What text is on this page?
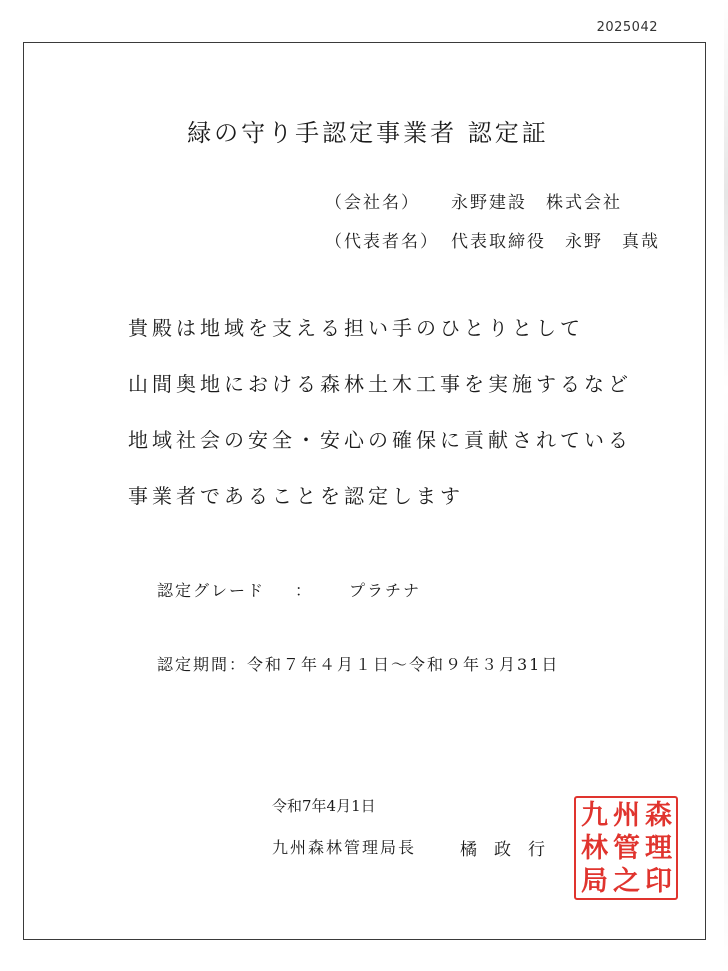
2025042
緑の守り手認定事業者 認定証
（会社名） 永野建設　株式会社
（代表者名） 代表取締役　永野　真哉
貴殿は地域を支える担い手のひとりとして
山間奥地における森林土木工事を実施するなど
地域社会の安全・安心の確保に貢献されている
事業者であることを認定します
認定グレード ： プラチナ
認定期間：令和７年４月１日～令和９年３月31日
令和7年4月1日
九州森林管理局長	橘政行
森
理
印
州
管
之
九
林
局
